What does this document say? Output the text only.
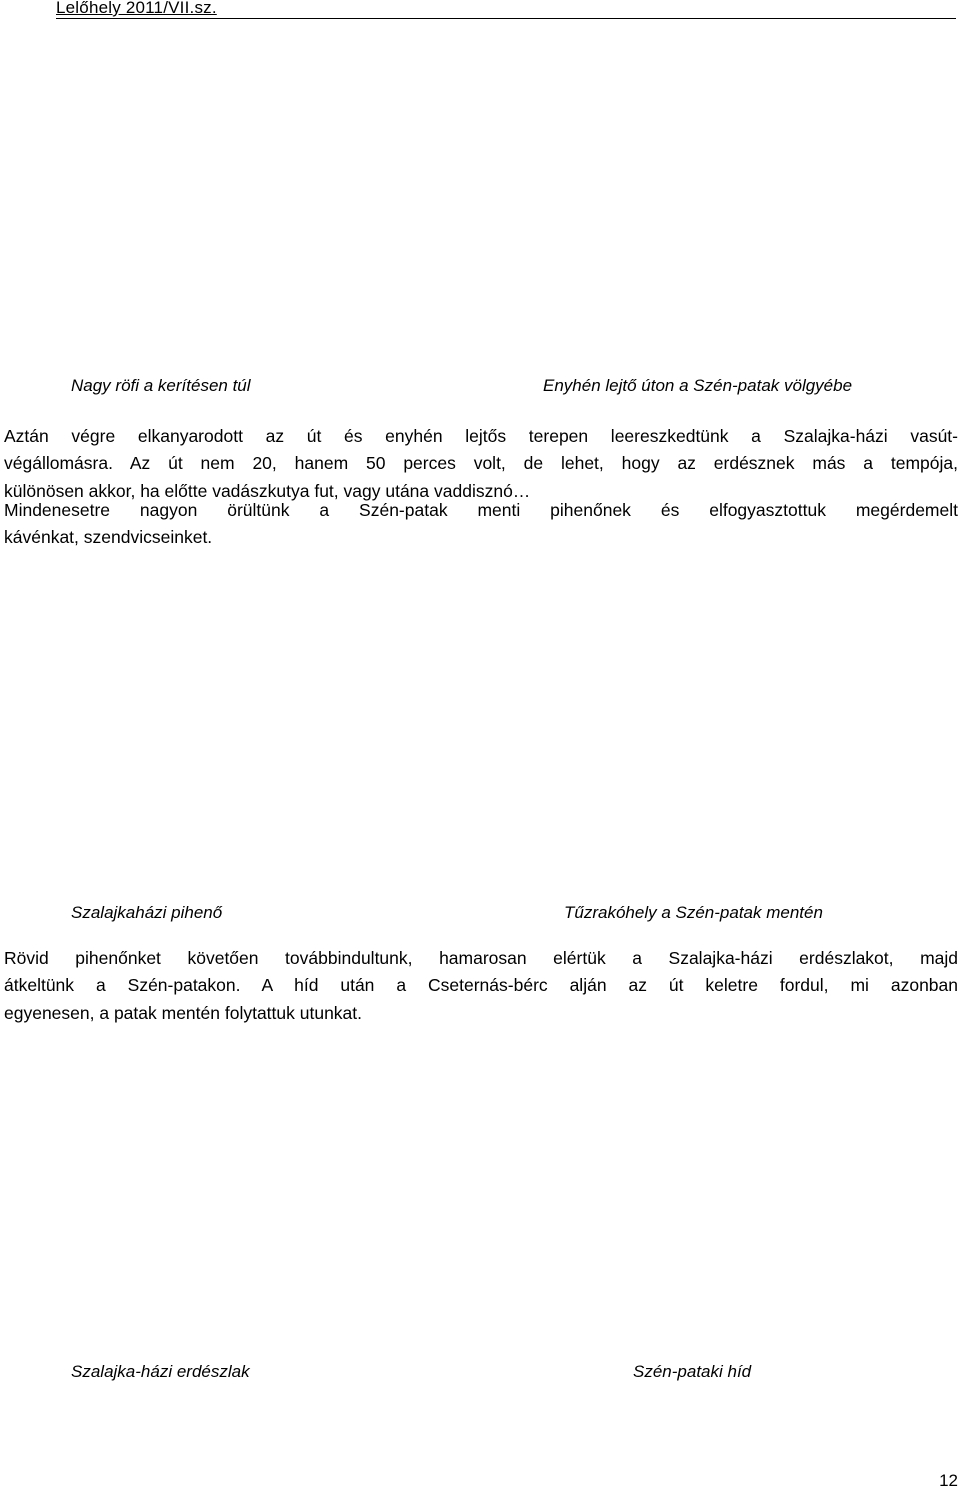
Lelőhely 2011/VII.sz.
Nagy röfi a kerítésen túl	Enyhén lejtő úton a Szén-patak völgyébe
Aztán végre elkanyarodott az út és enyhén lejtős terepen leereszkedtünk a Szalajka-házi vasút-
végállomásra. Az út nem 20, hanem 50 perces volt, de lehet, hogy az erdésznek más a tempója,
különösen akkor, ha előtte vadászkutya fut, vagy utána vaddisznó…
Mindenesetre nagyon örültünk a Szén-patak menti pihenőnek és elfogyasztottuk megérdemelt
kávénkat, szendvicseinket.
Szalajkaházi pihenő	Tűzrakóhely a Szén-patak mentén
Rövid pihenőnket követően továbbindultunk, hamarosan elértük a Szalajka-házi erdészlakot, majd
átkeltünk a Szén-patakon. A híd után a Cseternás-bérc alján az út keletre fordul, mi azonban
egyenesen, a patak mentén folytattuk utunkat.
Szalajka-házi erdészlak	Szén-pataki híd
12
